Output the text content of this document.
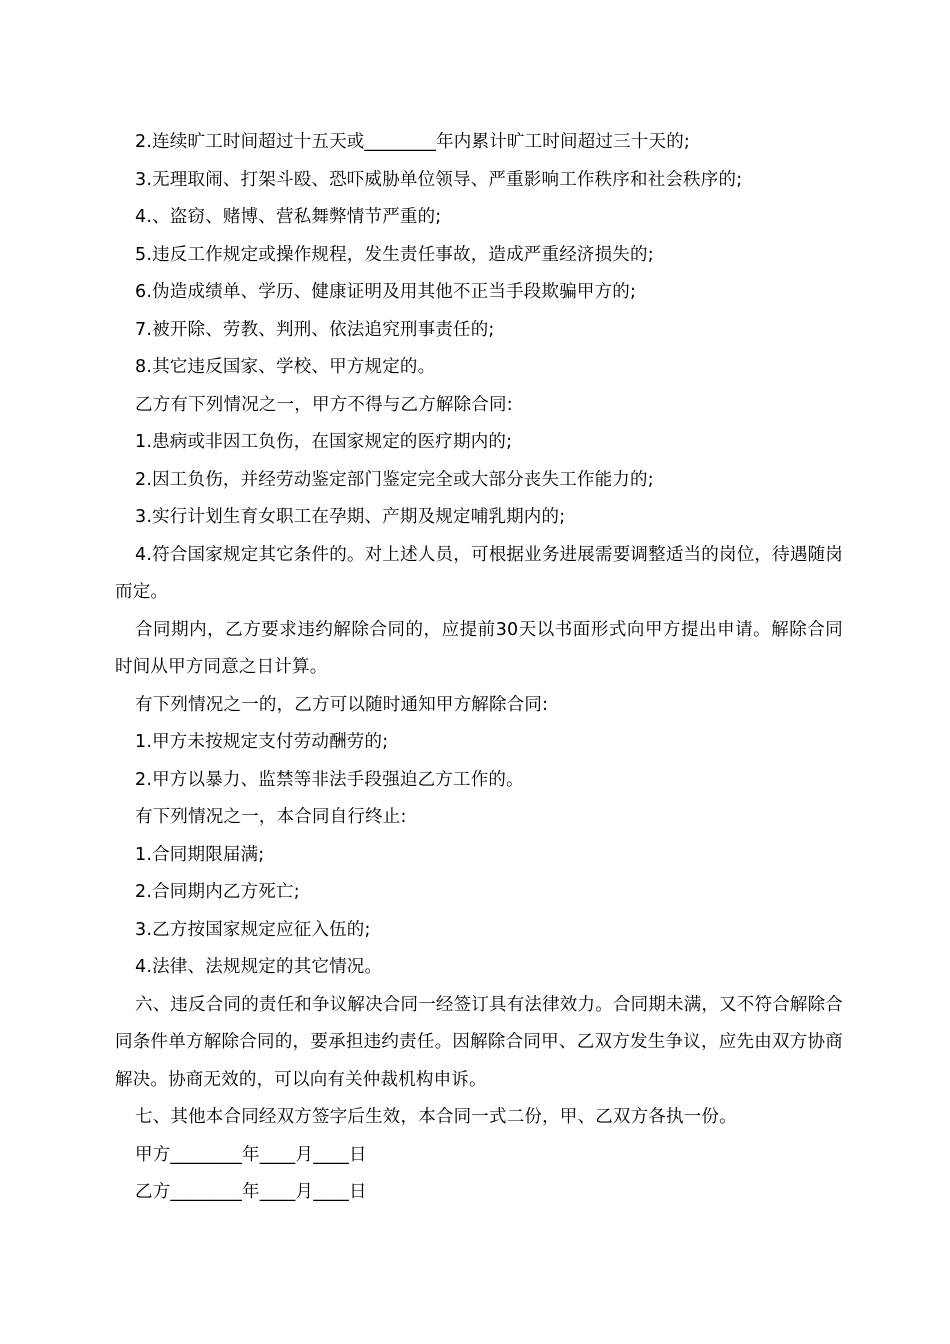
2.连续旷工时间超过十五天或________年内累计旷工时间超过三十天的;

3.无理取闹、打架斗殴、恐吓威胁单位领导、严重影响工作秩序和社会秩序的;

4.、盗窃、赌博、营私舞弊情节严重的;

5.违反工作规定或操作规程，发生责任事故，造成严重经济损失的;

6.伪造成绩单、学历、健康证明及用其他不正当手段欺骗甲方的;

7.被开除、劳教、判刑、依法追究刑事责任的;

8.其它违反国家、学校、甲方规定的。

乙方有下列情况之一，甲方不得与乙方解除合同:

1.患病或非因工负伤，在国家规定的医疗期内的;

2.因工负伤，并经劳动鉴定部门鉴定完全或大部分丧失工作能力的;

3.实行计划生育女职工在孕期、产期及规定哺乳期内的;

4.符合国家规定其它条件的。对上述人员，可根据业务进展需要调整适当的岗位，待遇随岗而定。

合同期内，乙方要求违约解除合同的，应提前30天以书面形式向甲方提出申请。解除合同时间从甲方同意之日计算。

有下列情况之一的，乙方可以随时通知甲方解除合同:

1.甲方未按规定支付劳动酬劳的;

2.甲方以暴力、监禁等非法手段强迫乙方工作的。

有下列情况之一，本合同自行终止:

1.合同期限届满;

2.合同期内乙方死亡;

3.乙方按国家规定应征入伍的;

4.法律、法规规定的其它情况。

六、违反合同的责任和争议解决合同一经签订具有法律效力。合同期未满，又不符合解除合同条件单方解除合同的，要承担违约责任。因解除合同甲、乙双方发生争议，应先由双方协商解决。协商无效的，可以向有关仲裁机构申诉。

七、其他本合同经双方签字后生效，本合同一式二份，甲、乙双方各执一份。

甲方________年____月____日

乙方________年____月____日
